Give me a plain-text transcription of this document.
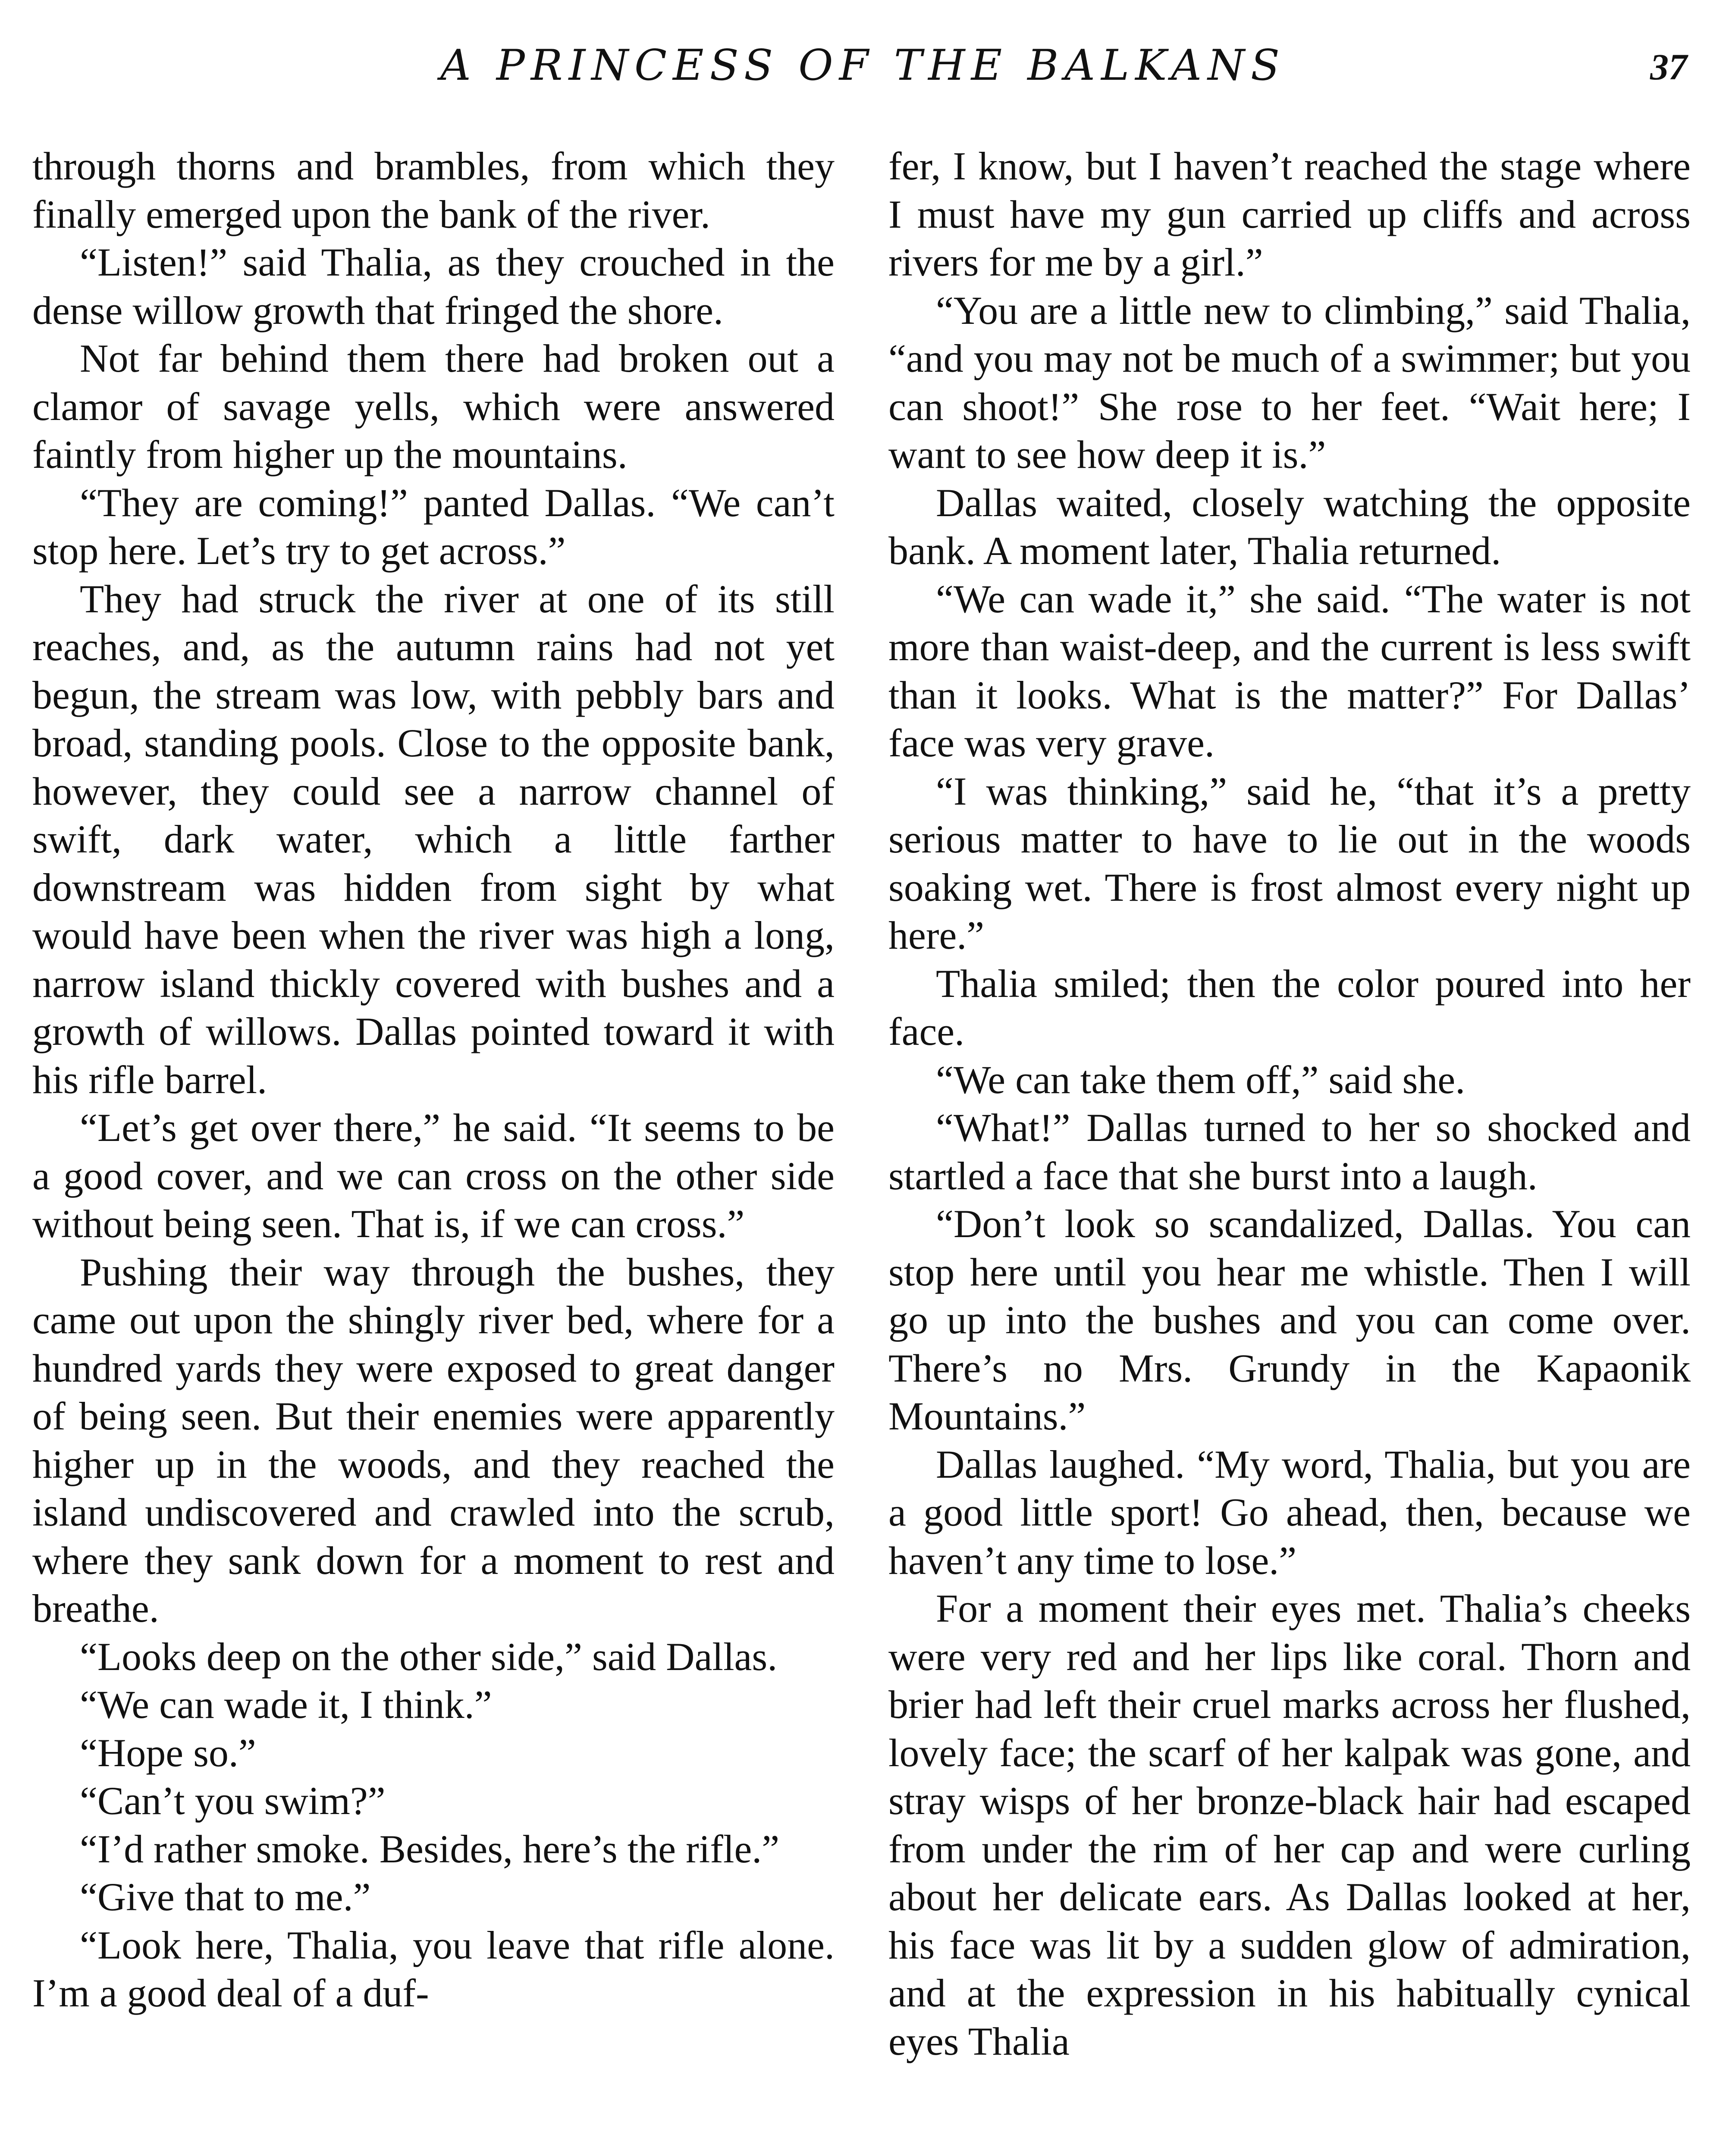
A PRINCESS OF THE BALKANS	37

through thorns and brambles, from which they finally emerged upon the bank of the river.

“Listen!” said Thalia, as they crouched in the dense willow growth that fringed the shore.

Not far behind them there had broken out a clamor of savage yells, which were answered faintly from higher up the mountains.

“They are coming!” panted Dallas. “We can’t stop here. Let’s try to get across.”

They had struck the river at one of its still reaches, and, as the autumn rains had not yet begun, the stream was low, with pebbly bars and broad, standing pools. Close to the opposite bank, however, they could see a narrow channel of swift, dark water, which a little farther downstream was hidden from sight by what would have been when the river was high a long, narrow island thickly covered with bushes and a growth of willows. Dallas pointed toward it with his rifle barrel.

“Let’s get over there,” he said. “It seems to be a good cover, and we can cross on the other side without being seen. That is, if we can cross.”

Pushing their way through the bushes, they came out upon the shingly river bed, where for a hundred yards they were exposed to great danger of being seen. But their enemies were apparently higher up in the woods, and they reached the island undiscovered and crawled into the scrub, where they sank down for a moment to rest and breathe.

“Looks deep on the other side,” said Dallas.

“We can wade it, I think.”

“Hope so.”

“Can’t you swim?”

“I’d rather smoke. Besides, here’s the rifle.”

“Give that to me.”

“Look here, Thalia, you leave that rifle alone. I’m a good deal of a duf-

fer, I know, but I haven’t reached the stage where I must have my gun carried up cliffs and across rivers for me by a girl.”

“You are a little new to climbing,” said Thalia, “and you may not be much of a swimmer; but you can shoot!” She rose to her feet. “Wait here; I want to see how deep it is.”

Dallas waited, closely watching the opposite bank. A moment later, Thalia returned.

“We can wade it,” she said. “The water is not more than waist-deep, and the current is less swift than it looks. What is the matter?” For Dallas’ face was very grave.

“I was thinking,” said he, “that it’s a pretty serious matter to have to lie out in the woods soaking wet. There is frost almost every night up here.”

Thalia smiled; then the color poured into her face.

“We can take them off,” said she.

“What!” Dallas turned to her so shocked and startled a face that she burst into a laugh.

“Don’t look so scandalized, Dallas. You can stop here until you hear me whistle. Then I will go up into the bushes and you can come over. There’s no Mrs. Grundy in the Kapaonik Mountains.”

Dallas laughed. “My word, Thalia, but you are a good little sport! Go ahead, then, because we haven’t any time to lose.”

For a moment their eyes met. Thalia’s cheeks were very red and her lips like coral. Thorn and brier had left their cruel marks across her flushed, lovely face; the scarf of her kalpak was gone, and stray wisps of her bronze-black hair had escaped from under the rim of her cap and were curling about her delicate ears. As Dallas looked at her, his face was lit by a sudden glow of admiration, and at the expression in his habitually cynical eyes Thalia
